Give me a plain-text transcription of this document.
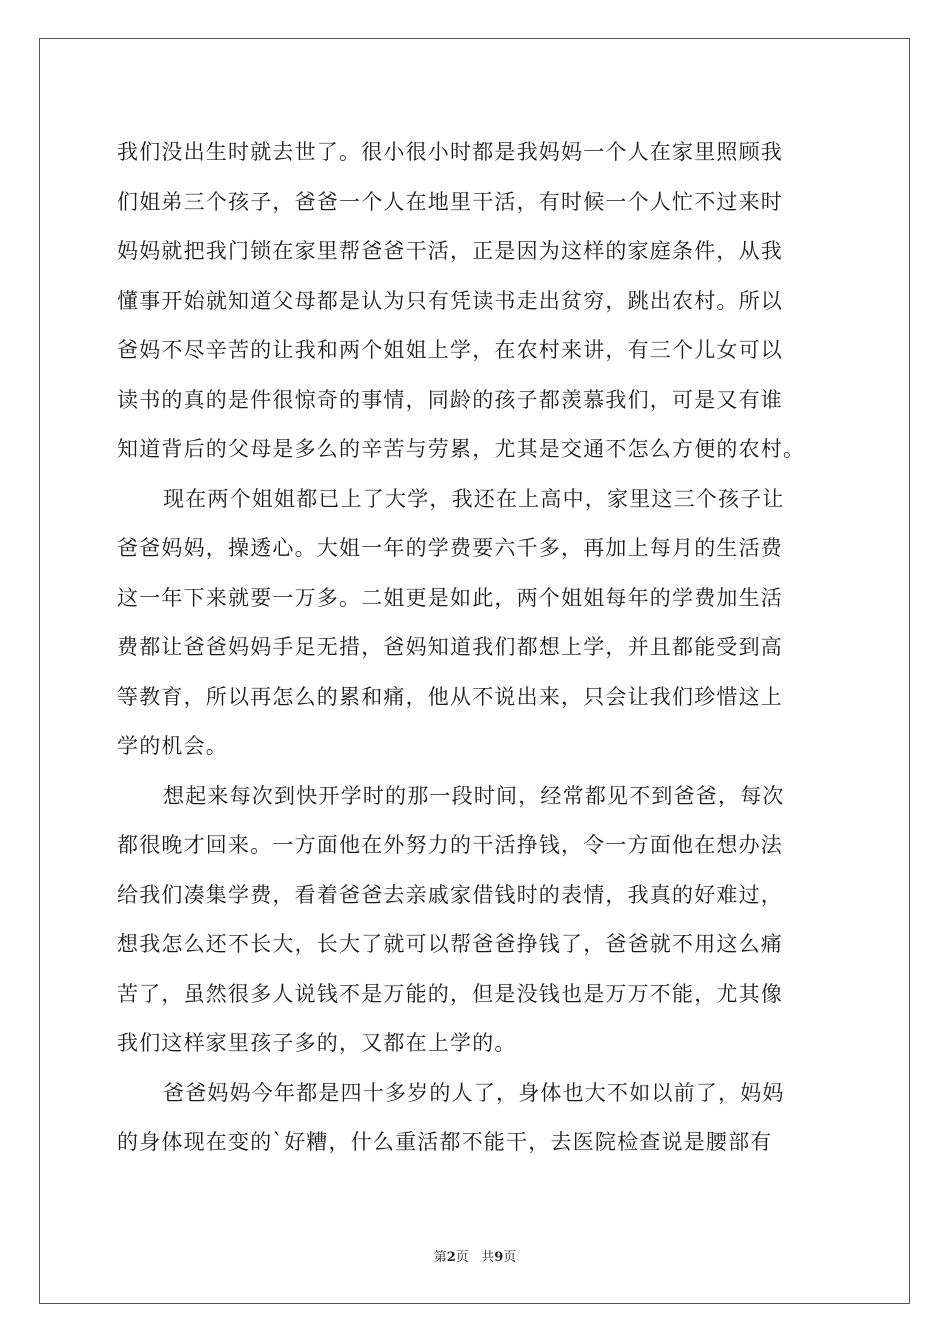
我们没出生时就去世了。很小很小时都是我妈妈一个人在家里照顾我
们姐弟三个孩子，爸爸一个人在地里干活，有时候一个人忙不过来时
妈妈就把我门锁在家里帮爸爸干活，正是因为这样的家庭条件，从我
懂事开始就知道父母都是认为只有凭读书走出贫穷，跳出农村。所以
爸妈不尽辛苦的让我和两个姐姐上学，在农村来讲，有三个儿女可以
读书的真的是件很惊奇的事情，同龄的孩子都羡慕我们，可是又有谁
知道背后的父母是多么的辛苦与劳累，尤其是交通不怎么方便的农村。
现在两个姐姐都已上了大学，我还在上高中，家里这三个孩子让
爸爸妈妈，操透心。大姐一年的学费要六千多，再加上每月的生活费
这一年下来就要一万多。二姐更是如此，两个姐姐每年的学费加生活
费都让爸爸妈妈手足无措，爸妈知道我们都想上学，并且都能受到高
等教育，所以再怎么的累和痛，他从不说出来，只会让我们珍惜这上
学的机会。
想起来每次到快开学时的那一段时间，经常都见不到爸爸，每次
都很晚才回来。一方面他在外努力的干活挣钱，令一方面他在想办法
给我们凑集学费，看着爸爸去亲戚家借钱时的表情，我真的好难过，
想我怎么还不长大，长大了就可以帮爸爸挣钱了，爸爸就不用这么痛
苦了，虽然很多人说钱不是万能的，但是没钱也是万万不能，尤其像
我们这样家里孩子多的，又都在上学的。
爸爸妈妈今年都是四十多岁的人了，身体也大不如以前了，妈妈
的身体现在变的`好糟，什么重活都不能干，去医院检查说是腰部有
第2页 共9页
